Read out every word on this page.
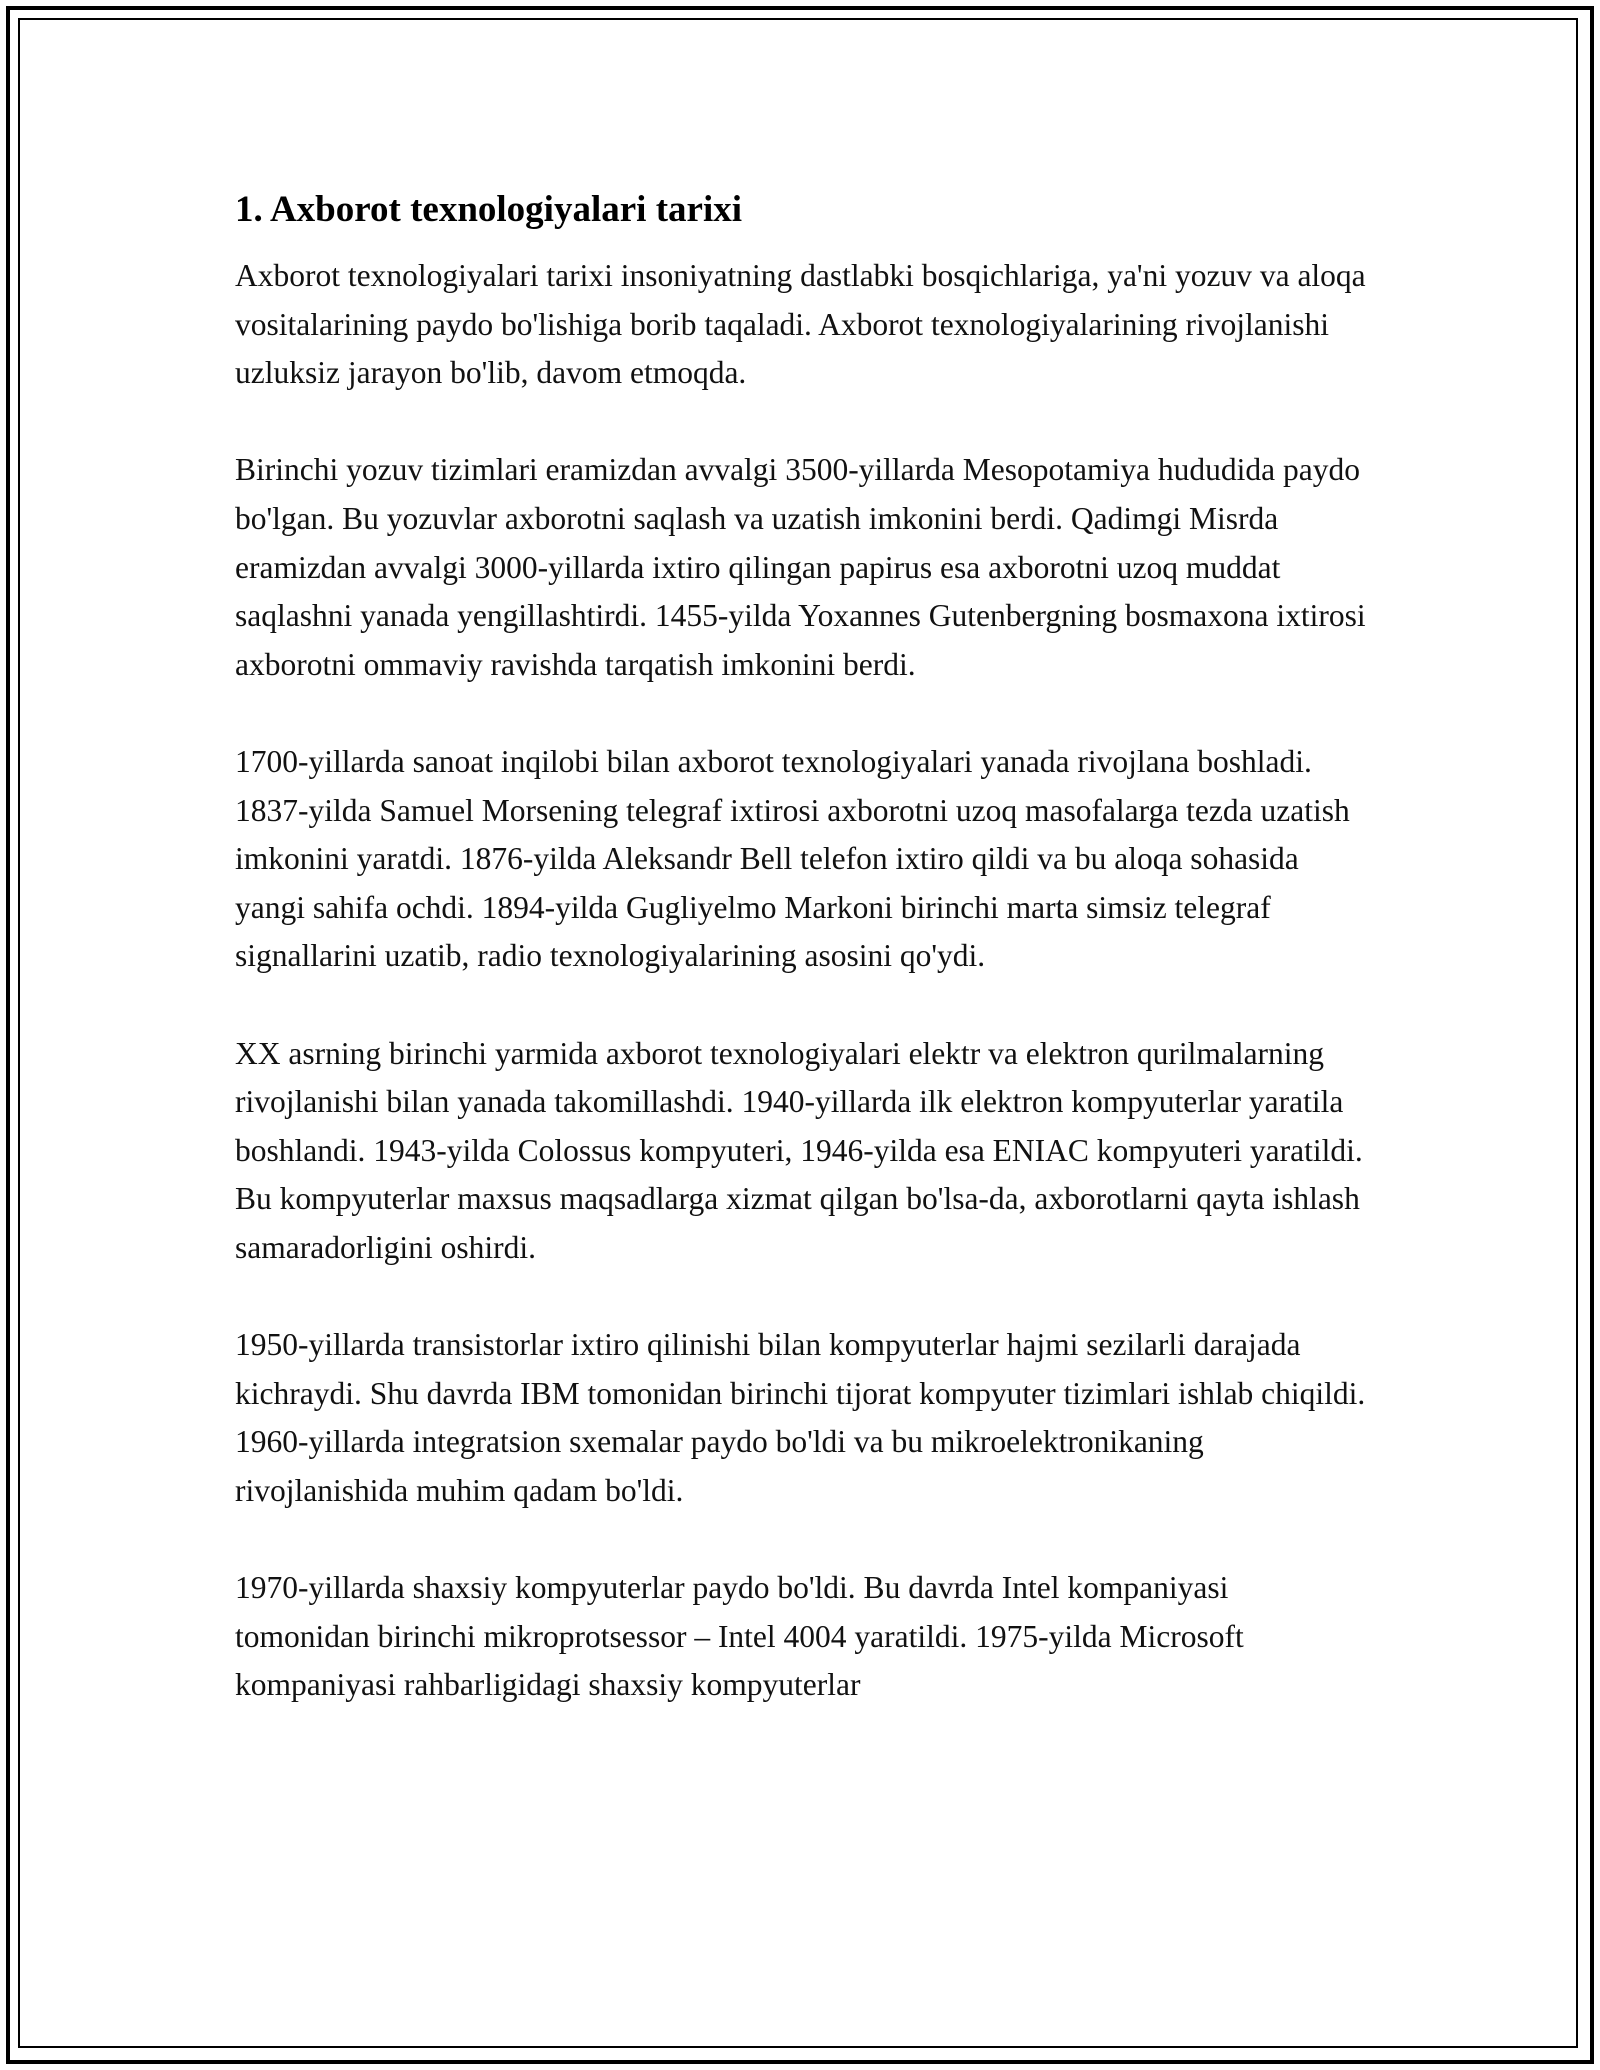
1. Axborot texnologiyalari tarixi

Axborot texnologiyalari tarixi insoniyatning dastlabki bosqichlariga, ya'ni yozuv va aloqa vositalarining paydo bo'lishiga borib taqaladi. Axborot texnologiyalarining rivojlanishi uzluksiz jarayon bo'lib, davom etmoqda.

Birinchi yozuv tizimlari eramizdan avvalgi 3500-yillarda Mesopotamiya hududida paydo bo'lgan. Bu yozuvlar axborotni saqlash va uzatish imkonini berdi. Qadimgi Misrda eramizdan avvalgi 3000-yillarda ixtiro qilingan papirus esa axborotni uzoq muddat saqlashni yanada yengillashtirdi. 1455-yilda Yoxannes Gutenbergning bosmaxona ixtirosi axborotni ommaviy ravishda tarqatish imkonini berdi.

1700-yillarda sanoat inqilobi bilan axborot texnologiyalari yanada rivojlana boshladi. 1837-yilda Samuel Morsening telegraf ixtirosi axborotni uzoq masofalarga tezda uzatish imkonini yaratdi. 1876-yilda Aleksandr Bell telefon ixtiro qildi va bu aloqa sohasida yangi sahifa ochdi. 1894-yilda Gugliyelmo Markoni birinchi marta simsiz telegraf signallarini uzatib, radio texnologiyalarining asosini qo'ydi.

XX asrning birinchi yarmida axborot texnologiyalari elektr va elektron qurilmalarning rivojlanishi bilan yanada takomillashdi. 1940-yillarda ilk elektron kompyuterlar yaratila boshlandi. 1943-yilda Colossus kompyuteri, 1946-yilda esa ENIAC kompyuteri yaratildi. Bu kompyuterlar maxsus maqsadlarga xizmat qilgan bo'lsa-da, axborotlarni qayta ishlash samaradorligini oshirdi.

1950-yillarda transistorlar ixtiro qilinishi bilan kompyuterlar hajmi sezilarli darajada kichraydi. Shu davrda IBM tomonidan birinchi tijorat kompyuter tizimlari ishlab chiqildi. 1960-yillarda integratsion sxemalar paydo bo'ldi va bu mikroelektronikaning rivojlanishida muhim qadam bo'ldi.

1970-yillarda shaxsiy kompyuterlar paydo bo'ldi. Bu davrda Intel kompaniyasi tomonidan birinchi mikroprotsessor – Intel 4004 yaratildi. 1975-yilda Microsoft kompaniyasi rahbarligidagi shaxsiy kompyuterlar
